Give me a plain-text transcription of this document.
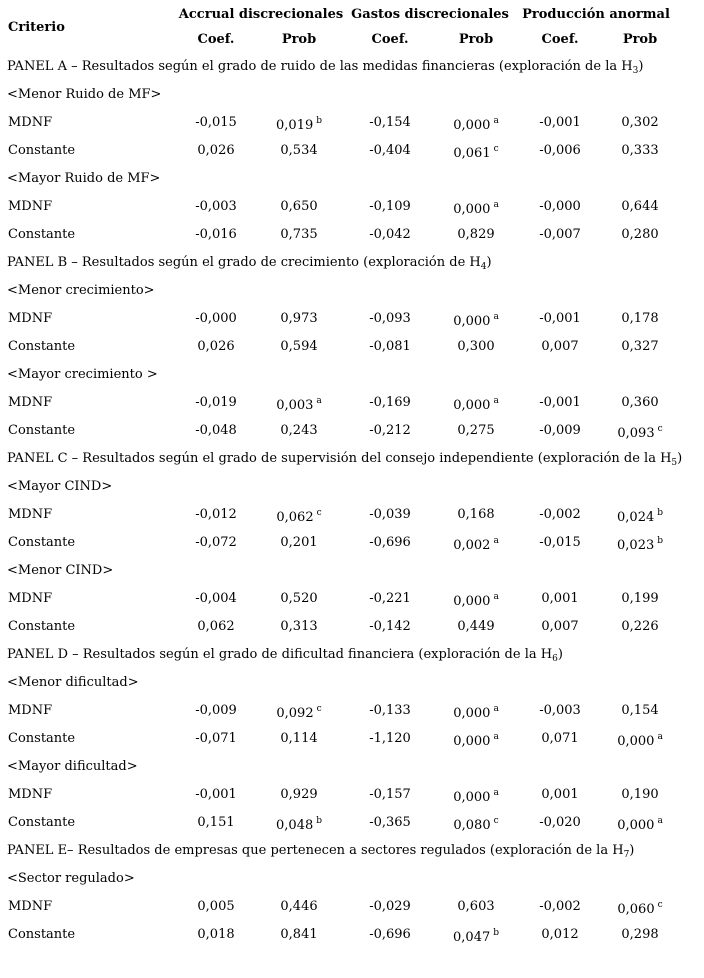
Criterio	Accrual discrecionales		Gastos discrecionales		Producción anormal	
	Coef.	Prob	Coef.	Prob	Coef.	Prob
PANEL A – Resultados según el grado de ruido de las medidas financieras (exploración de la $H_3$)						
<Menor Ruido de MF>						
MDNF	-0,015	0,019 $^b$	-0,154	0,000 $^a$	-0,001	0,302
Constante	0,026	0,534	-0,404	0,061 $^c$	-0,006	0,333
<Mayor Ruido de MF>						
MDNF	-0,003	0,650	-0,109	0,000 $^a$	-0,000	0,644
Constante	-0,016	0,735	-0,042	0,829	-0,007	0,280
PANEL B – Resultados según el grado de crecimiento (exploración de $H_4$)						
<Menor crecimiento>						
MDNF	-0,000	0,973	-0,093	0,000 $^a$	-0,001	0,178
Constante	0,026	0,594	-0,081	0,300	0,007	0,327
<Mayor crecimiento >						
MDNF	-0,019	0,003 $^a$	-0,169	0,000 $^a$	-0,001	0,360
Constante	-0,048	0,243	-0,212	0,275	-0,009	0,093 $^c$
PANEL C – Resultados según el grado de supervisión del consejo independiente (exploración de la $H_5$)						
<Mayor CIND>						
MDNF	-0,012	0,062 $^c$	-0,039	0,168	-0,002	0,024 $^b$
Constante	-0,072	0,201	-0,696	0,002 $^a$	-0,015	0,023 $^b$
<Menor CIND>						
MDNF	-0,004	0,520	-0,221	0,000 $^a$	0,001	0,199
Constante	0,062	0,313	-0,142	0,449	0,007	0,226
PANEL D – Resultados según el grado de dificultad financiera (exploración de la $H_6$)						
<Menor dificultad>						
MDNF	-0,009	0,092 $^c$	-0,133	0,000 $^a$	-0,003	0,154
Constante	-0,071	0,114	-1,120	0,000 $^a$	0,071	0,000 $^a$
<Mayor dificultad>						
MDNF	-0,001	0,929	-0,157	0,000 $^a$	0,001	0,190
Constante	0,151	0,048 $^b$	-0,365	0,080 $^c$	-0,020	0,000 $^a$
PANEL E– Resultados de empresas que pertenecen a sectores regulados (exploración de la $H_7$)						
<Sector regulado>						
MDNF	0,005	0,446	-0,029	0,603	-0,002	0,060 $^c$
Constante	0,018	0,841	-0,696	0,047 $^b$	0,012	0,298
